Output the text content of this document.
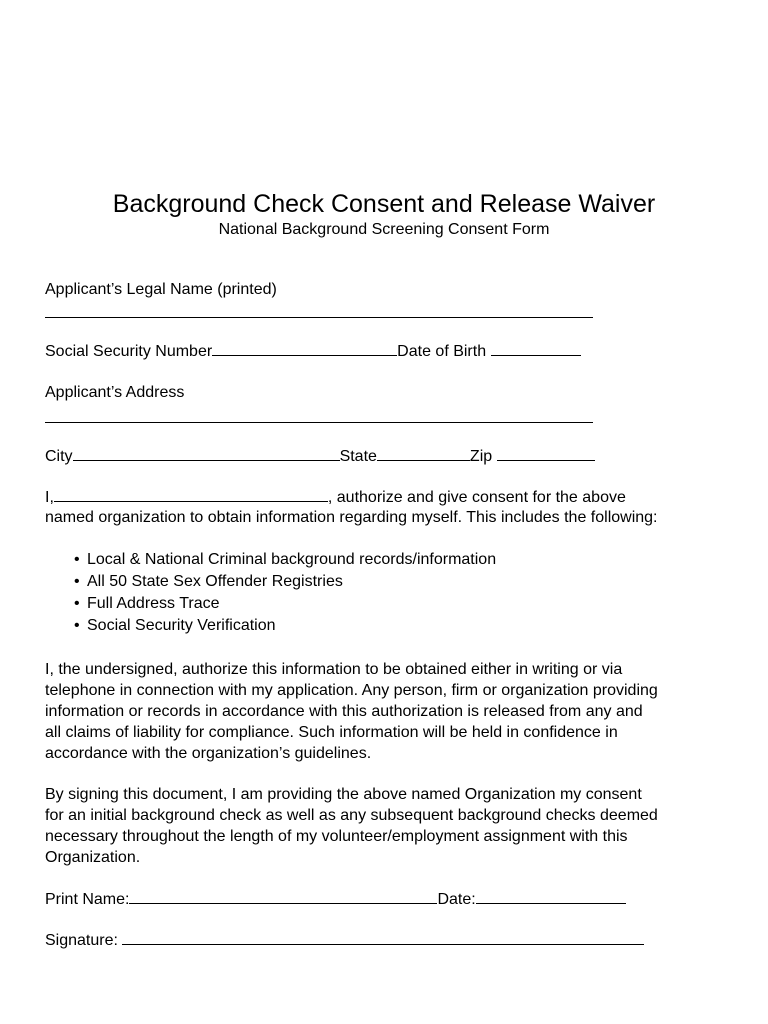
Background Check Consent and Release Waiver
National Background Screening Consent Form
Applicant’s Legal Name (printed)
Social Security Number	Date of Birth
Applicant’s Address
City	State	Zip
I,	, authorize and give consent for the above
named organization to obtain information regarding myself. This includes the following:
• Local & National Criminal background records/information
• All 50 State Sex Offender Registries
• Full Address Trace
• Social Security Verification
I, the undersigned, authorize this information to be obtained either in writing or via
telephone in connection with my application. Any person, firm or organization providing
information or records in accordance with this authorization is released from any and
all claims of liability for compliance. Such information will be held in confidence in
accordance with the organization’s guidelines.
By signing this document, I am providing the above named Organization my consent
for an initial background check as well as any subsequent background checks deemed
necessary throughout the length of my volunteer/employment assignment with this
Organization.
Print Name:	Date:
Signature:
